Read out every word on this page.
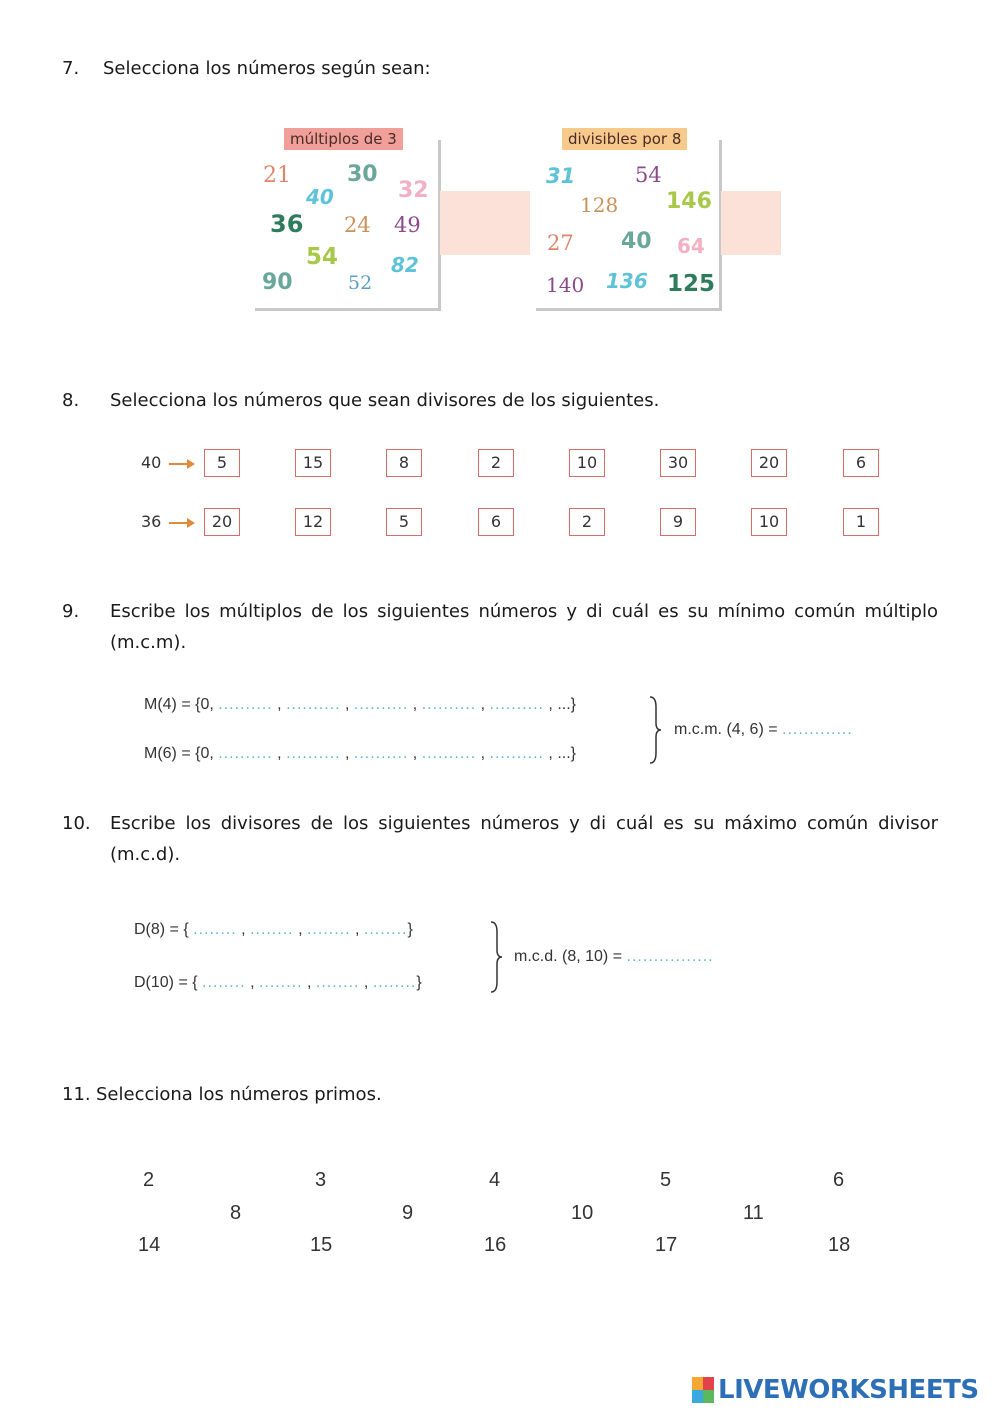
7. Selecciona los números según sean:
múltiplos de 3
21	30
32
40
36 24 49
54	82
90	52
divisibles por 8
31	54
128 146
27 40 64
140 136 125
8. Selecciona los números que sean divisores de los siguientes.
40	5	15	8	2	10	30	20	6
36	20	12	5	6	2	9	10	1
9. Escribe los múltiplos de los siguientes números y di cuál es su mínimo común múltiplo
(m.c.m).
M(4) = {0, .......... , .......... , .......... , .......... , .......... , ...}
M(6) = {0, .......... , .......... , .......... , .......... , .......... , ...}
m.c.m. (4, 6) = .............
10. Escribe los divisores de los siguientes números y di cuál es su máximo común divisor
(m.c.d).
D(8) = { ........ , ........ , ........ , ........}
D(10) = { ........ , ........ , ........ , ........}
m.c.d. (8, 10) = ................
11. Selecciona los números primos.
2	3	4	5	6
8	9	10	11
14	15	16	17	18
LIVEWORKSHEETS
